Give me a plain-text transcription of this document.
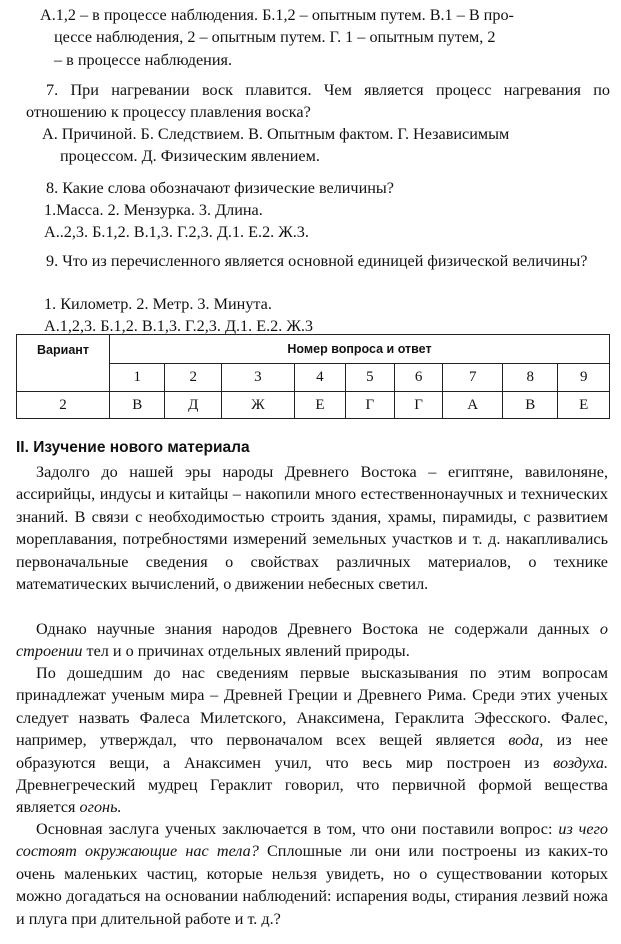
А.1,2 – в процессе наблюдения. Б.1,2 – опытным путем. В.1 – В про-

цессе наблюдения, 2 – опытным путем. Г. 1 – опытным путем, 2

– в процессе наблюдения.

7. При нагревании воск плавится. Чем является процесс нагревания по отношению к процессу плавления воска?

А. Причиной. Б. Следствием. В. Опытным фактом. Г. Независимым

процессом. Д. Физическим явлением.

8. Какие слова обозначают физические величины?

1.Масса. 2. Мензурка. 3. Длина.

А..2,3. Б.1,2. В.1,3. Г.2,3. Д.1. Е.2. Ж.3.

9. Что из перечисленного является основной единицей физической величины?

1. Километр. 2. Метр. 3. Минута.

А.1,2,3. Б.1,2. В.1,3. Г.2,3. Д.1. Е.2. Ж.3

Вариант	Номер вопроса и ответ								
	1	2	3	4	5	6	7	8	9
2	В	Д	Ж	Е	Г	Г	А	В	Е

II. Изучение нового материала

Задолго до нашей эры народы Древнего Востока – египтяне, вавилоняне, ассирийцы, индусы и китайцы – накопили много естественнонаучных и технических знаний. В связи с необходимостью строить здания, храмы, пирамиды, с развитием мореплавания, потребностями измерений земельных участков и т. д. накапливались первоначальные сведения о свойствах различных материалов, о технике математических вычислений, о движении небесных светил.

Однако научные знания народов Древнего Востока не содержали данных о строении тел и о причинах отдельных явлений природы.

По дошедшим до нас сведениям первые высказывания по этим вопросам принадлежат ученым мира – Древней Греции и Древнего Рима. Среди этих ученых следует назвать Фалеса Милетского, Анаксимена, Гераклита Эфесского. Фалес, например, утверждал, что первоначалом всех вещей является вода, из нее образуются вещи, а Анаксимен учил, что весь мир построен из воздуха. Древнегреческий мудрец Гераклит говорил, что первичной формой вещества является огонь.

Основная заслуга ученых заключается в том, что они поставили вопрос: из чего состоят окружающие нас тела? Сплошные ли они или построены из каких-то очень маленьких частиц, которые нельзя увидеть, но о существовании которых можно догадаться на основании наблюдений: испарения воды, стирания лезвий ножа и плуга при длительной работе и т. д.?
